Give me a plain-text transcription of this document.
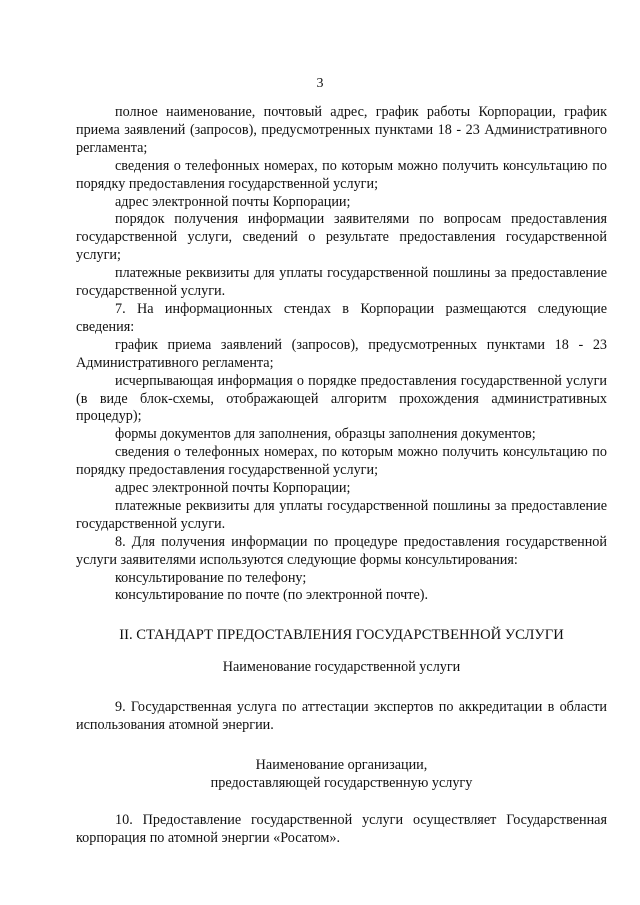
3

полное наименование, почтовый адрес, график работы Корпорации, график приема заявлений (запросов), предусмотренных пунктами 18 - 23 Административного регламента;

сведения о телефонных номерах, по которым можно получить консультацию по порядку предоставления государственной услуги;

адрес электронной почты Корпорации;

порядок получения информации заявителями по вопросам предоставления государственной услуги, сведений о результате предоставления государственной услуги;

платежные реквизиты для уплаты государственной пошлины за предоставление государственной услуги.

7. На информационных стендах в Корпорации размещаются следующие сведения:

график приема заявлений (запросов), предусмотренных пунктами 18 - 23 Административного регламента;

исчерпывающая информация о порядке предоставления государственной услуги (в виде блок-схемы, отображающей алгоритм прохождения административных процедур);

формы документов для заполнения, образцы заполнения документов;

сведения о телефонных номерах, по которым можно получить консультацию по порядку предоставления государственной услуги;

адрес электронной почты Корпорации;

платежные реквизиты для уплаты государственной пошлины за предоставление государственной услуги.

8. Для получения информации по процедуре предоставления государственной услуги заявителями используются следующие формы консультирования:

консультирование по телефону;

консультирование по почте (по электронной почте).

II. СТАНДАРТ ПРЕДОСТАВЛЕНИЯ ГОСУДАРСТВЕННОЙ УСЛУГИ

Наименование государственной услуги

9. Государственная услуга по аттестации экспертов по аккредитации в области использования атомной энергии.

Наименование организации,

предоставляющей государственную услугу

10. Предоставление государственной услуги осуществляет Государственная корпорация по атомной энергии «Росатом».
